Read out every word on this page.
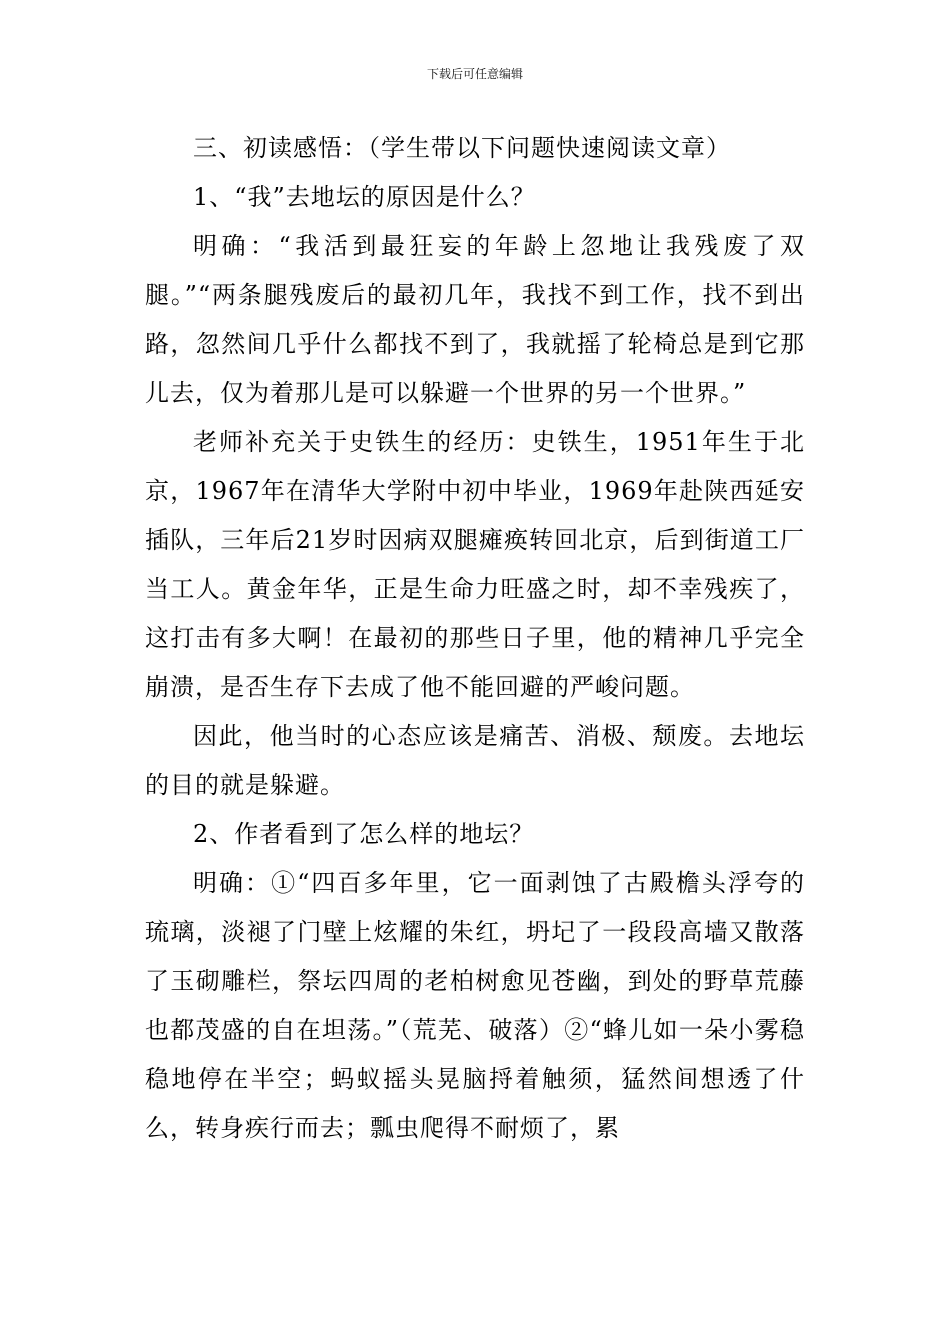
下载后可任意编辑

三、初读感悟：（学生带以下问题快速阅读文章）

1、“我”去地坛的原因是什么？

明确：“我活到最狂妄的年龄上忽地让我残废了双腿。”“两条腿残废后的最初几年，我找不到工作，找不到出路，忽然间几乎什么都找不到了，我就摇了轮椅总是到它那儿去，仅为着那儿是可以躲避一个世界的另一个世界。”

老师补充关于史铁生的经历：史铁生，1951年生于北京，1967年在清华大学附中初中毕业，1969年赴陕西延安插队，三年后21岁时因病双腿瘫痪转回北京，后到街道工厂当工人。黄金年华，正是生命力旺盛之时，却不幸残疾了，这打击有多大啊！在最初的那些日子里，他的精神几乎完全崩溃，是否生存下去成了他不能回避的严峻问题。

因此，他当时的心态应该是痛苦、消极、颓废。去地坛的目的就是躲避。

2、作者看到了怎么样的地坛？

明确：①“四百多年里，它一面剥蚀了古殿檐头浮夸的琉璃，淡褪了门壁上炫耀的朱红，坍圮了一段段高墙又散落了玉砌雕栏，祭坛四周的老柏树愈见苍幽，到处的野草荒藤也都茂盛的自在坦荡。”（荒芜、破落）②“蜂儿如一朵小雾稳稳地停在半空；蚂蚁摇头晃脑捋着触须，猛然间想透了什么，转身疾行而去；瓢虫爬得不耐烦了，累
